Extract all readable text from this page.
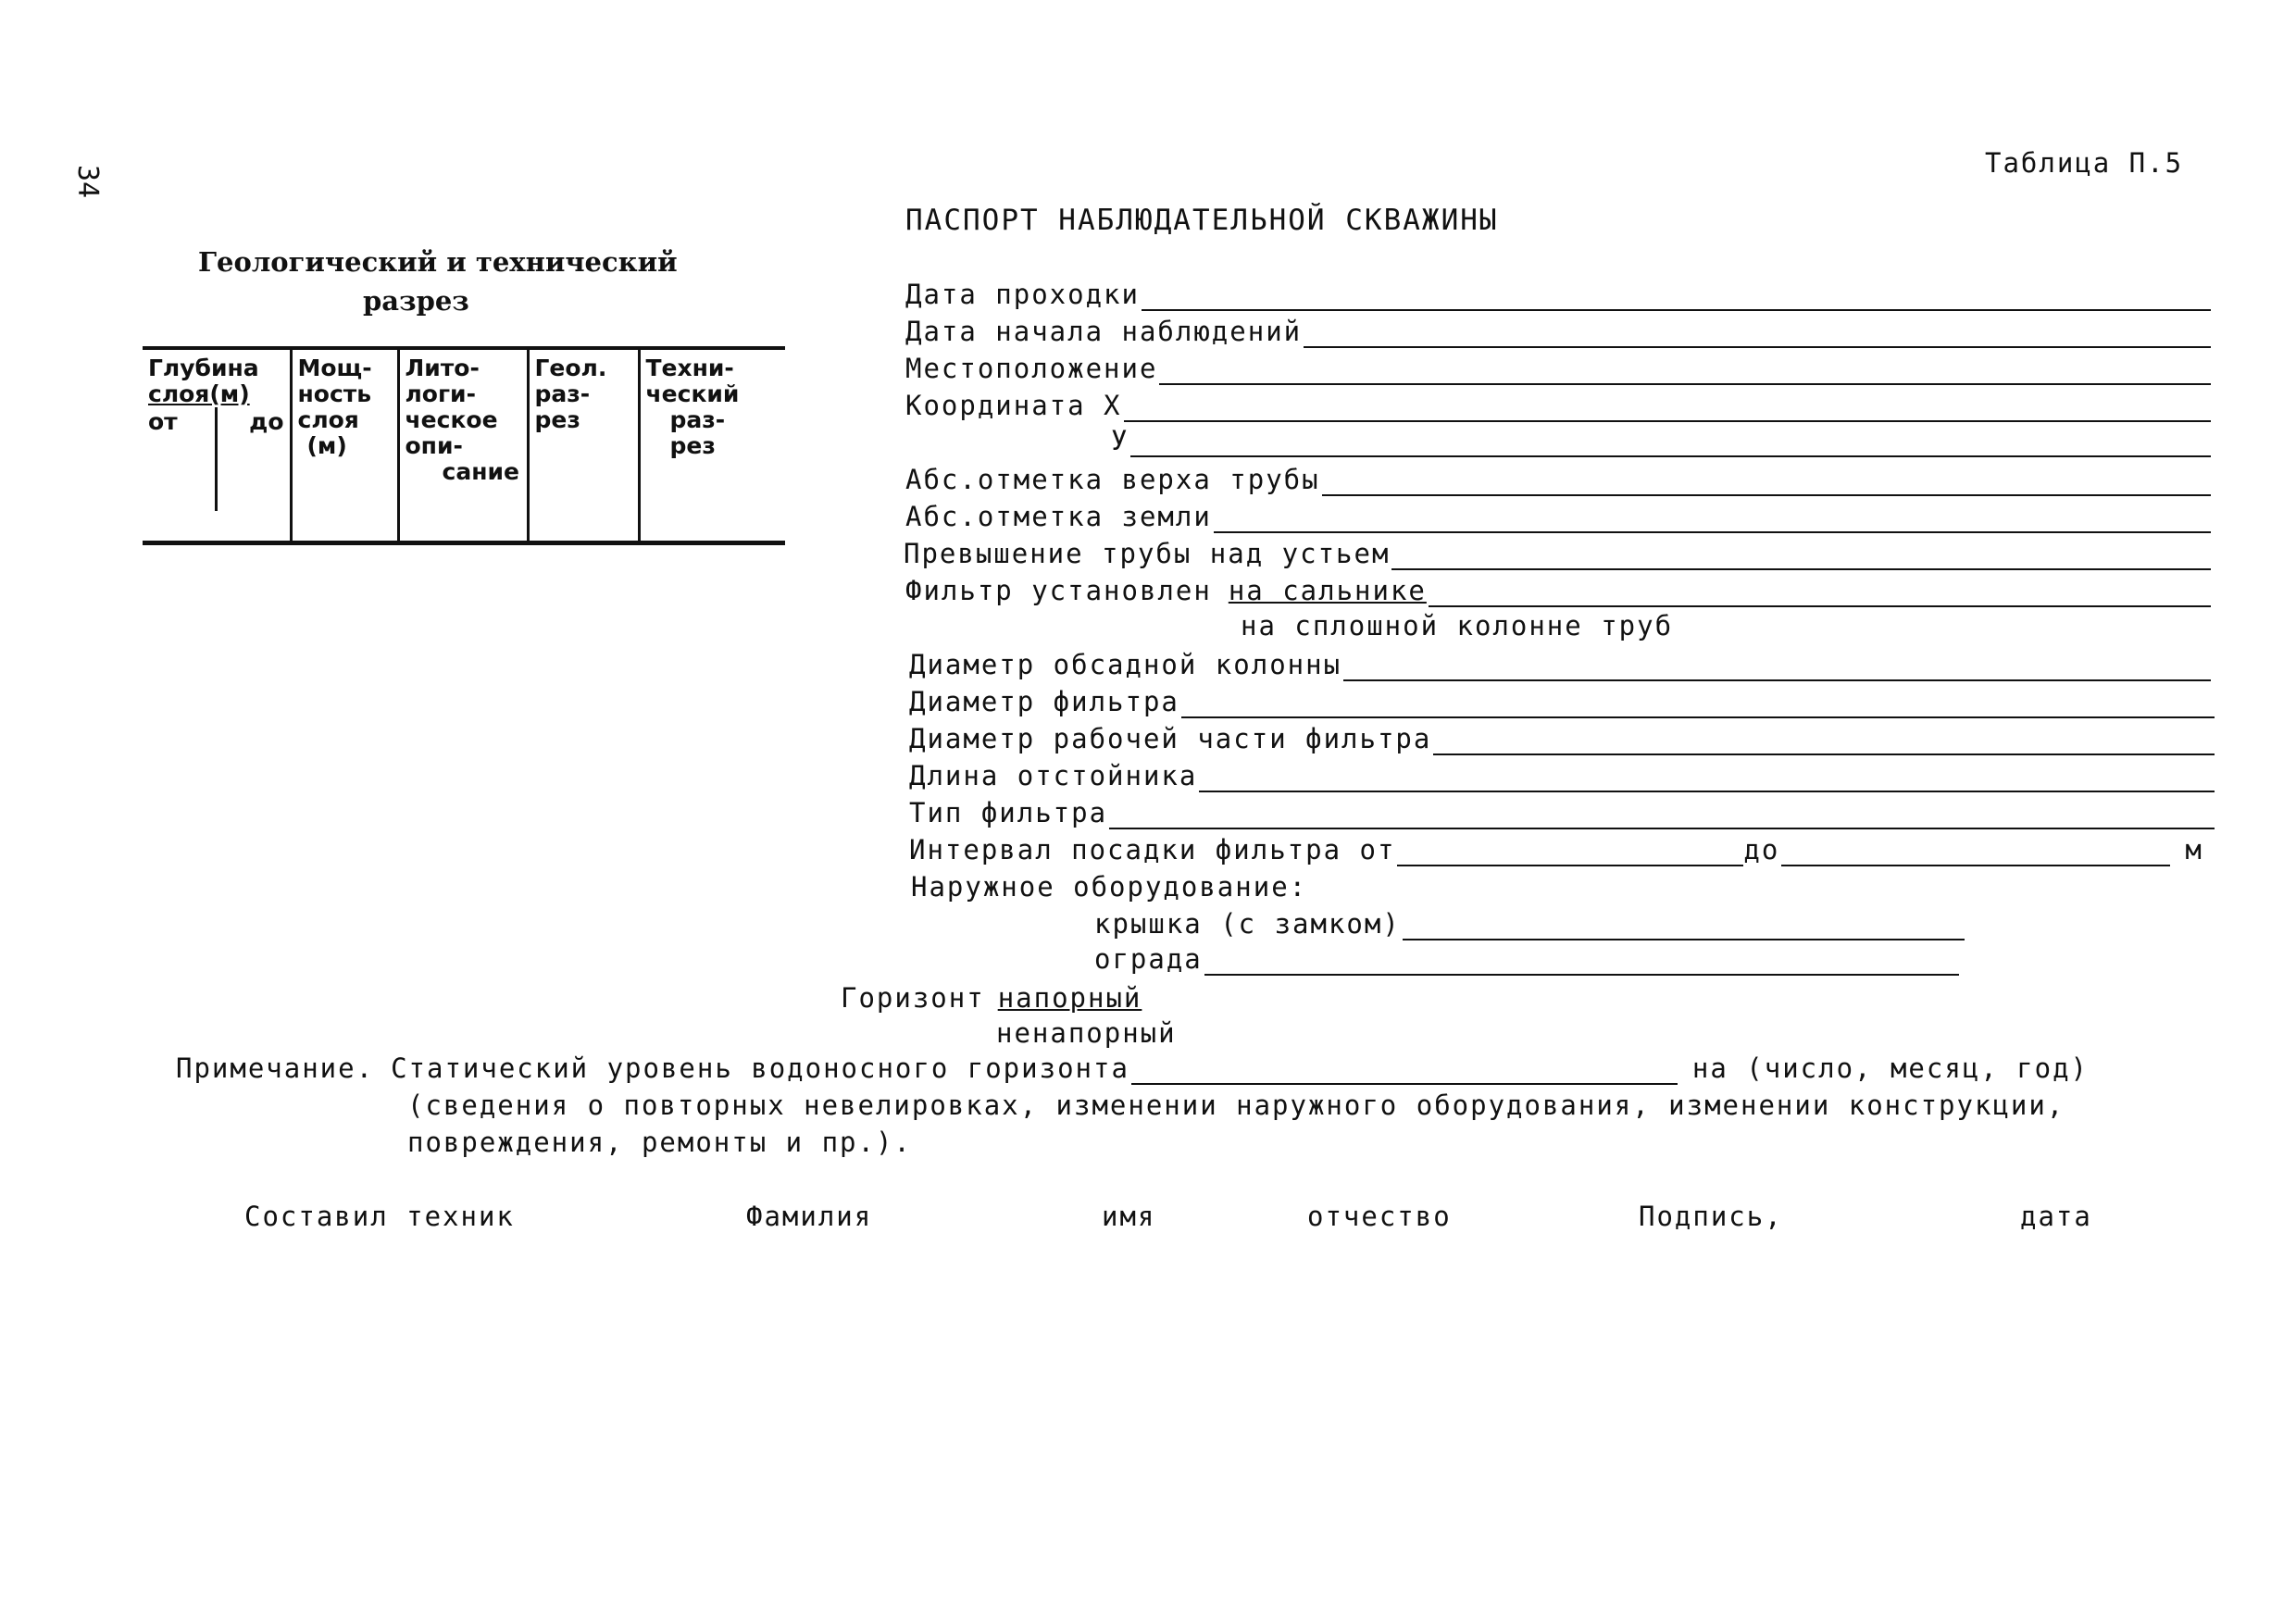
34
Таблица П.5
ПАСПОРТ НАБЛЮДАТЕЛЬНОЙ СКВАЖИНЫ
Геологический и технический
разрез
Глубина
слоя(м)
от	до

Мощ-
ность
слоя
(м)

Лито-
логи-
ческое
опи-
сание

Геол.
раз-
рез

Техни-
ческий
раз-
рез
Дата проходки
Дата начала наблюдений
Местоположение
Координата X
У
Абс.отметка верха трубы
Абс.отметка земли
Превышение трубы над устьем
Фильтр установлен на сальнике
на сплошной колонне труб
Диаметр обсадной колонны
Диаметр фильтра
Диаметр рабочей части фильтра
Длина отстойника
Тип фильтра
Интервал посадки фильтра от	до	м
Наружное оборудование:
крышка (с замком)
ограда
Горизонт напорный
ненапорный
Примечание. Статический уровень водоносного горизонта	на (число, месяц, год)
(сведения о повторных невелировках, изменении наружного оборудования, изменении конструкции,
повреждения, ремонты и пр.).
Составил техник	Фамилия	имя	отчество	Подпись,	дата
